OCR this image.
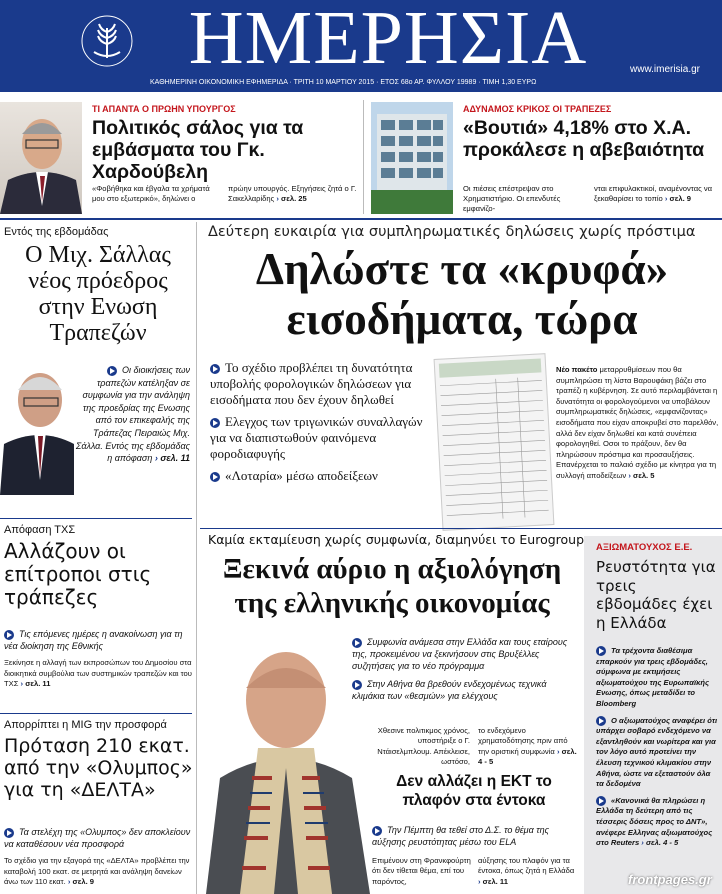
ΗΜΕΡΗΣΙΑ
ΚΑΘΗΜΕΡΙΝΗ ΟΙΚΟΝΟΜΙΚΗ ΕΦΗΜΕΡΙΔΑ · ΤΡΙΤΗ 10 ΜΑΡΤΙΟΥ 2015 · ΕΤΟΣ 68ο ΑΡ. ΦΥΛΛΟΥ 19989 · ΤΙΜΗ 1,30 ΕΥΡΩ
www.imerisia.gr
ΤΙ ΑΠΑΝΤΑ Ο ΠΡΩΗΝ ΥΠΟΥΡΓΟΣ
Πολιτικός σάλος για τα εμβάσματα του Γκ. Χαρδούβελη
«Φοβήθηκα και έβγαλα τα χρήματά μου στο εξωτερικό», δηλώνει ο
πρώην υπουργός. Εξηγήσεις ζητά ο Γ. Σακελλαρίδης › σελ. 25
ΑΔΥΝΑΜΟΣ ΚΡΙΚΟΣ ΟΙ ΤΡΑΠΕΖΕΣ
«Βουτιά» 4,18% στο Χ.Α. προκάλεσε η αβεβαιότητα
Οι πιέσεις επέστρεψαν στο Χρηματιστήριο. Οι επενδυτές εμφανίζο-
νται επιφυλακτικοί, αναμένοντας να ξεκαθαρίσει το τοπίο › σελ. 9
Εντός της εβδομάδας
Ο Μιχ. Σάλλας νέος πρόεδρος στην Ενωση Τραπεζών
Οι διοικήσεις των τραπεζών κατέληξαν σε συμφωνία για την ανάληψη της προεδρίας της Ενωσης από τον επικεφαλής της Τράπεζας Πειραιώς Μιχ. Σάλλα. Εντός της εβδομάδας η απόφαση › σελ. 11
Απόφαση ΤΧΣ
Αλλάζουν οι επίτροποι στις τράπεζες
Τις επόμενες ημέρες η ανακοίνωση για τη νέα διοίκηση της Εθνικής
Ξεκίνησε η αλλαγή των εκπροσώπων του Δημοσίου στα διοικητικά συμβούλια των συστημικών τραπεζών και του ΤΧΣ › σελ. 11
Απορρίπτει η MIG την προσφορά
Πρόταση 210 εκατ. από την «Ολυμπος» για τη «ΔΕΛΤΑ»
Τα στελέχη της «Ολυμπος» δεν αποκλείουν να καταθέσουν νέα προσφορά
Το σχέδιο για την εξαγορά της «ΔΕΛΤΑ» προβλέπει την καταβολή 100 εκατ. σε μετρητά και ανάληψη δανείων άνω των 110 εκατ. › σελ. 9
Δεύτερη ευκαιρία για συμπληρωματικές δηλώσεις χωρίς πρόστιμα
Δηλώστε τα «κρυφά» εισοδήματα, τώρα

Το σχέδιο προβλέπει τη δυνατότητα υποβολής φορολογικών δηλώσεων για εισοδήματα που δεν έχουν δηλωθεί

Ελεγχος των τριγωνικών συναλλαγών για να διαπιστωθούν φαινόμενα φοροδιαφυγής

«Λοταρία» μέσω αποδείξεων

Νέο πακέτο μεταρρυθμίσεων που θα συμπληρώσει τη λίστα Βαρουφάκη βάζει στο τραπέζι η κυβέρνηση. Σε αυτό περιλαμβάνεται η δυνατότητα οι φορολογούμενοι να υποβάλουν συμπληρωματικές δηλώσεις, «εμφανίζοντας» εισοδήματα που είχαν αποκρυβεί στο παρελθόν, αλλά δεν είχαν δηλωθεί και κατά συνέπεια φορολογηθεί. Οσοι το πράξουν, δεν θα πληρώσουν πρόστιμα και προσαυξήσεις. Επανέρχεται το παλαιό σχέδιο με κίνητρα για τη συλλογή αποδείξεων › σελ. 5
Καμία εκταμίευση χωρίς συμφωνία, διαμηνύει το Eurogroup
Ξεκινά αύριο η αξιολόγηση της ελληνικής οικονομίας

Συμφωνία ανάμεσα στην Ελλάδα και τους εταίρους της, προκειμένου να ξεκινήσουν στις Βρυξέλλες συζητήσεις για το νέο πρόγραμμα

Στην Αθήνα θα βρεθούν ενδεχομένως τεχνικά κλιμάκια των «θεσμών» για ελέγχους

Χθεσινε πολιτικμος χρόνος, υποστήριξε ο Γ. Ντάισελμπλουμ. Απέκλεισε, ωστόσο,
το ενδεχόμενο χρηματοδότησης πριν από την οριστική συμφωνία › σελ. 4 - 5
Δεν αλλάζει η ΕΚΤ το πλαφόν στα έντοκα
Την Πέμπτη θα τεθεί στο Δ.Σ. το θέμα της αύξησης ρευστότητας μέσω του ELA
Επιμένουν στη Φρανκφούρτη ότι δεν τίθεται θέμα, επί του παρόντος,
αύξησης του πλαφόν για τα έντοκα, όπως ζητά η Ελλάδα › σελ. 11
ΑΞΙΩΜΑΤΟΥΧΟΣ Ε.Ε.
Ρευστότητα για τρεις εβδομάδες έχει η Ελλάδα

Τα τρέχοντα διαθέσιμα επαρκούν για τρεις εβδομάδες, σύμφωνα με εκτιμήσεις αξιωματούχου της Ευρωπαϊκής Ενωσης, όπως μεταδίδει το Bloomberg

Ο αξιωματούχος αναφέρει ότι υπάρχει σοβαρό ενδεχόμενο να εξαντληθούν και νωρίτερα και για τον λόγο αυτό προτείνει την έλευση τεχνικού κλιμακίου στην Αθήνα, ώστε να εξεταστούν όλα τα δεδομένα

«Κανονικά θα πληρώσει η Ελλάδα τη δεύτερη από τις τέσσερις δόσεις προς το ΔΝΤ», ανέφερε Ελληνας αξιωματούχος στο Reuters › σελ. 4 - 5

frontpages.gr
